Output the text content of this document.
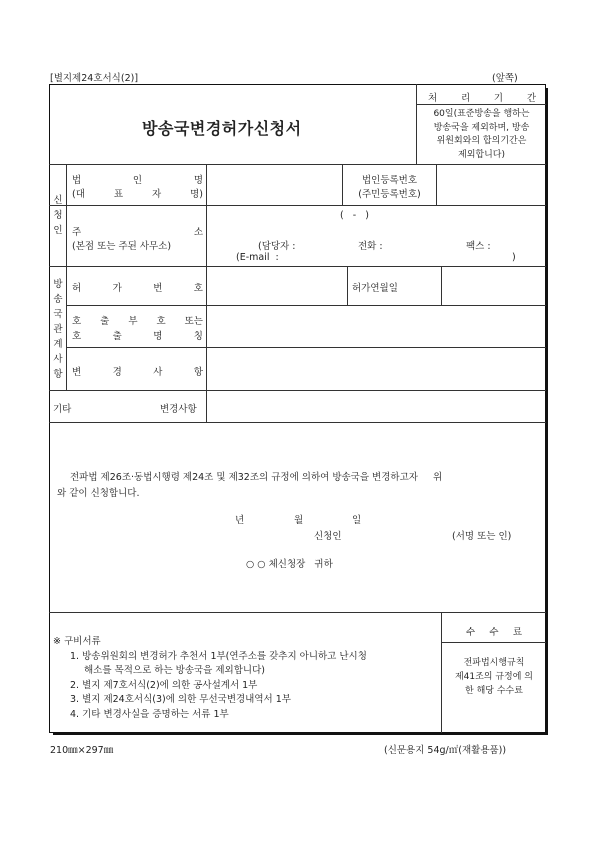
[별지제24호서식(2)]	(앞쪽)
방송국변경허가신청서
처	리	기	간
60일(표준방송을 행하는
방송국을 제외하며, 방송
위원회와의 합의기간은
제외합니다)
신
청
인
법	인	명
(대	표	자	명)
법인등록번호
(주민등록번호)
주	소
(본점 또는 주된 사무소)
(   -   )
(담당자 :	전화 :	팩스 :
(E-mail  :	)
방
송
국
관
계
사
항
허	가	번	호	허가연월일
호 출 부 호 또는
호	출	명	칭
변	경	사	항
기타	변경사항
전파법 제26조·동법시행령 제24조 및 제32조의 규정에 의하여 방송국을 변경하고자     위
와 같이 신청합니다.
년	월	일
신청인	(서명 또는 인)
○ ○ 체신청장   귀하
※ 구비서류
1. 방송위원회의 변경허가 추천서 1부(연주소를 갖추지 아니하고 난시청
해소를 목적으로 하는 방송국을 제외합니다)
2. 별지 제7호서식(2)에 의한 공사설계서 1부
3. 별지 제24호서식(3)에 의한 무선국변경내역서 1부
4. 기타 변경사실을 증명하는 서류 1부
수 수 료
전파법시행규칙
제41조의 규정에 의
한 해당 수수료
210㎜×297㎜	(신문용지 54g/㎡(재활용품))
